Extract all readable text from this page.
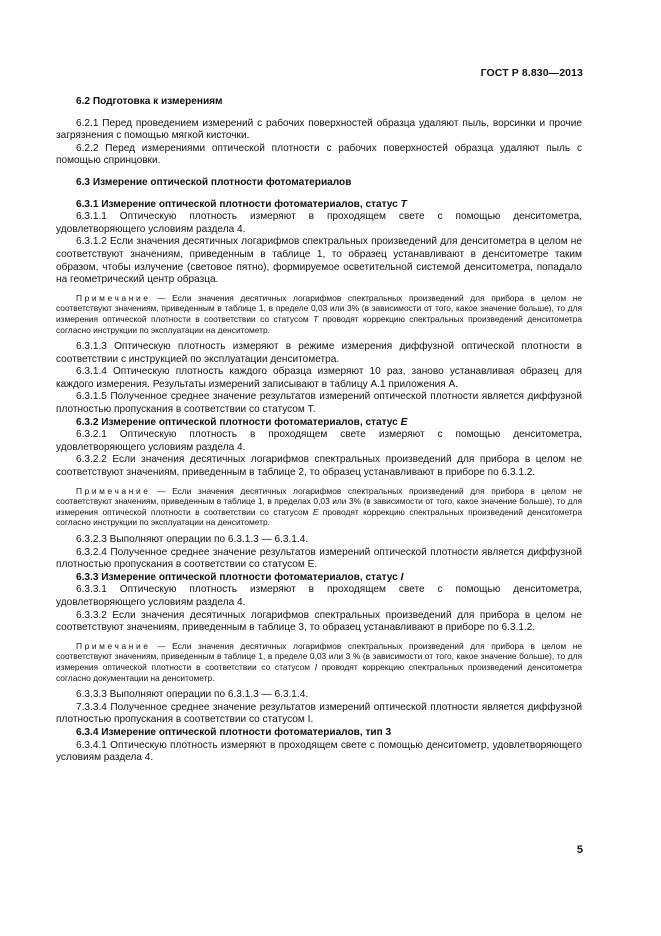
ГОСТ Р 8.830—2013

6.2 Подготовка к измерениям

6.2.1 Перед проведением измерений с рабочих поверхностей образца удаляют пыль, ворсинки и прочие загрязнения с помощью мягкой кисточки.

6.2.2 Перед измерениями оптической плотности с рабочих поверхностей образца удаляют пыль с помощью спринцовки.

6.3 Измерение оптической плотности фотоматериалов

6.3.1 Измерение оптической плотности фотоматериалов, статус Т

6.3.1.1 Оптическую плотность измеряют в проходящем свете с помощью денситометра, удовлетворяющего условиям раздела 4.

6.3.1.2 Если значения десятичных логарифмов спектральных произведений для денситометра в целом не соответствуют значениям, приведенным в таблице 1, то образец устанавливают в денситометре таким образом, чтобы излучение (световое пятно), формируемое осветительной системой денситометра, попадало на геометрический центр образца.

Примечание — Если значения десятичных логарифмов спектральных произведений для прибора в целом не соответствуют значениям, приведенным в таблице 1, в пределе 0,03 или 3% (в зависимости от того, какое значение больше), то для измерения оптической плотности в соответствии со статусом Т проводят коррекцию спектральных произведений денситометра согласно инструкции по эксплуатации на денситометр.

6.3.1.3 Оптическую плотность измеряют в режиме измерения диффузной оптической плотности в соответствии с инструкцией по эксплуатации денситометра.

6.3.1.4 Оптическую плотность каждого образца измеряют 10 раз, заново устанавливая образец для каждого измерения. Результаты измерений записывают в таблицу А.1 приложения А.

6.3.1.5 Полученное среднее значение результатов измерений оптической плотности является диффузной плотностью пропускания в соответствии со статусом Т.

6.3.2 Измерение оптической плотности фотоматериалов, статус Е

6.3.2.1 Оптическую плотность в проходящем свете измеряют с помощью денситометра, удовлетворяющего условиям раздела 4.

6.3.2.2 Если значения десятичных логарифмов спектральных произведений для прибора в целом не соответствуют значениям, приведенным в таблице 2, то образец устанавливают в приборе по 6.3.1.2.

Примечание — Если значения десятичных логарифмов спектральных произведений для прибора в целом не соответствуют значениям, приведенным в таблице 1, в пределах 0,03 или 3% (в зависимости от того, какое значение больше), то для измерения оптической плотности в соответствии со статусом Е проводят коррекцию спектральных произведений денситометра согласно инструкции по эксплуатации на денситометр.

6.3.2.3 Выполняют операции по 6.3.1.3 — 6.3.1.4.

6.3.2.4 Полученное среднее значение результатов измерений оптической плотности является диффузной плотностью пропускания в соответствии со статусом Е.

6.3.3 Измерение оптической плотности фотоматериалов, статус I

6.3.3.1 Оптическую плотность измеряют в проходящем свете с помощью денситометра, удовлетворяющего условиям раздела 4.

6.3.3.2 Если значения десятичных логарифмов спектральных произведений для прибора в целом не соответствуют значениям, приведенным в таблице 3, то образец устанавливают в приборе по 6.3.1.2.

Примечание — Если значения десятичных логарифмов спектральных произведений для прибора в целом не соответствуют значениям, приведенным в таблице 1, в пределе 0,03 или 3 % (в зависимости от того, какое значение больше), то для измерения оптической плотности в соответствии со статусом I проводят коррекцию спектральных произведений денситометра согласно документации на денситометр.

6.3.3.3 Выполняют операции по 6.3.1.3 — 6.3.1.4.

7.3.3.4 Полученное среднее значение результатов измерений оптической плотности является диффузной плотностью пропускания в соответствии со статусом I.

6.3.4 Измерение оптической плотности фотоматериалов, тип 3

6.3.4.1 Оптическую плотность измеряют в проходящем свете с помощью денситометр, удовлетворяющего условиям раздела 4.

5
